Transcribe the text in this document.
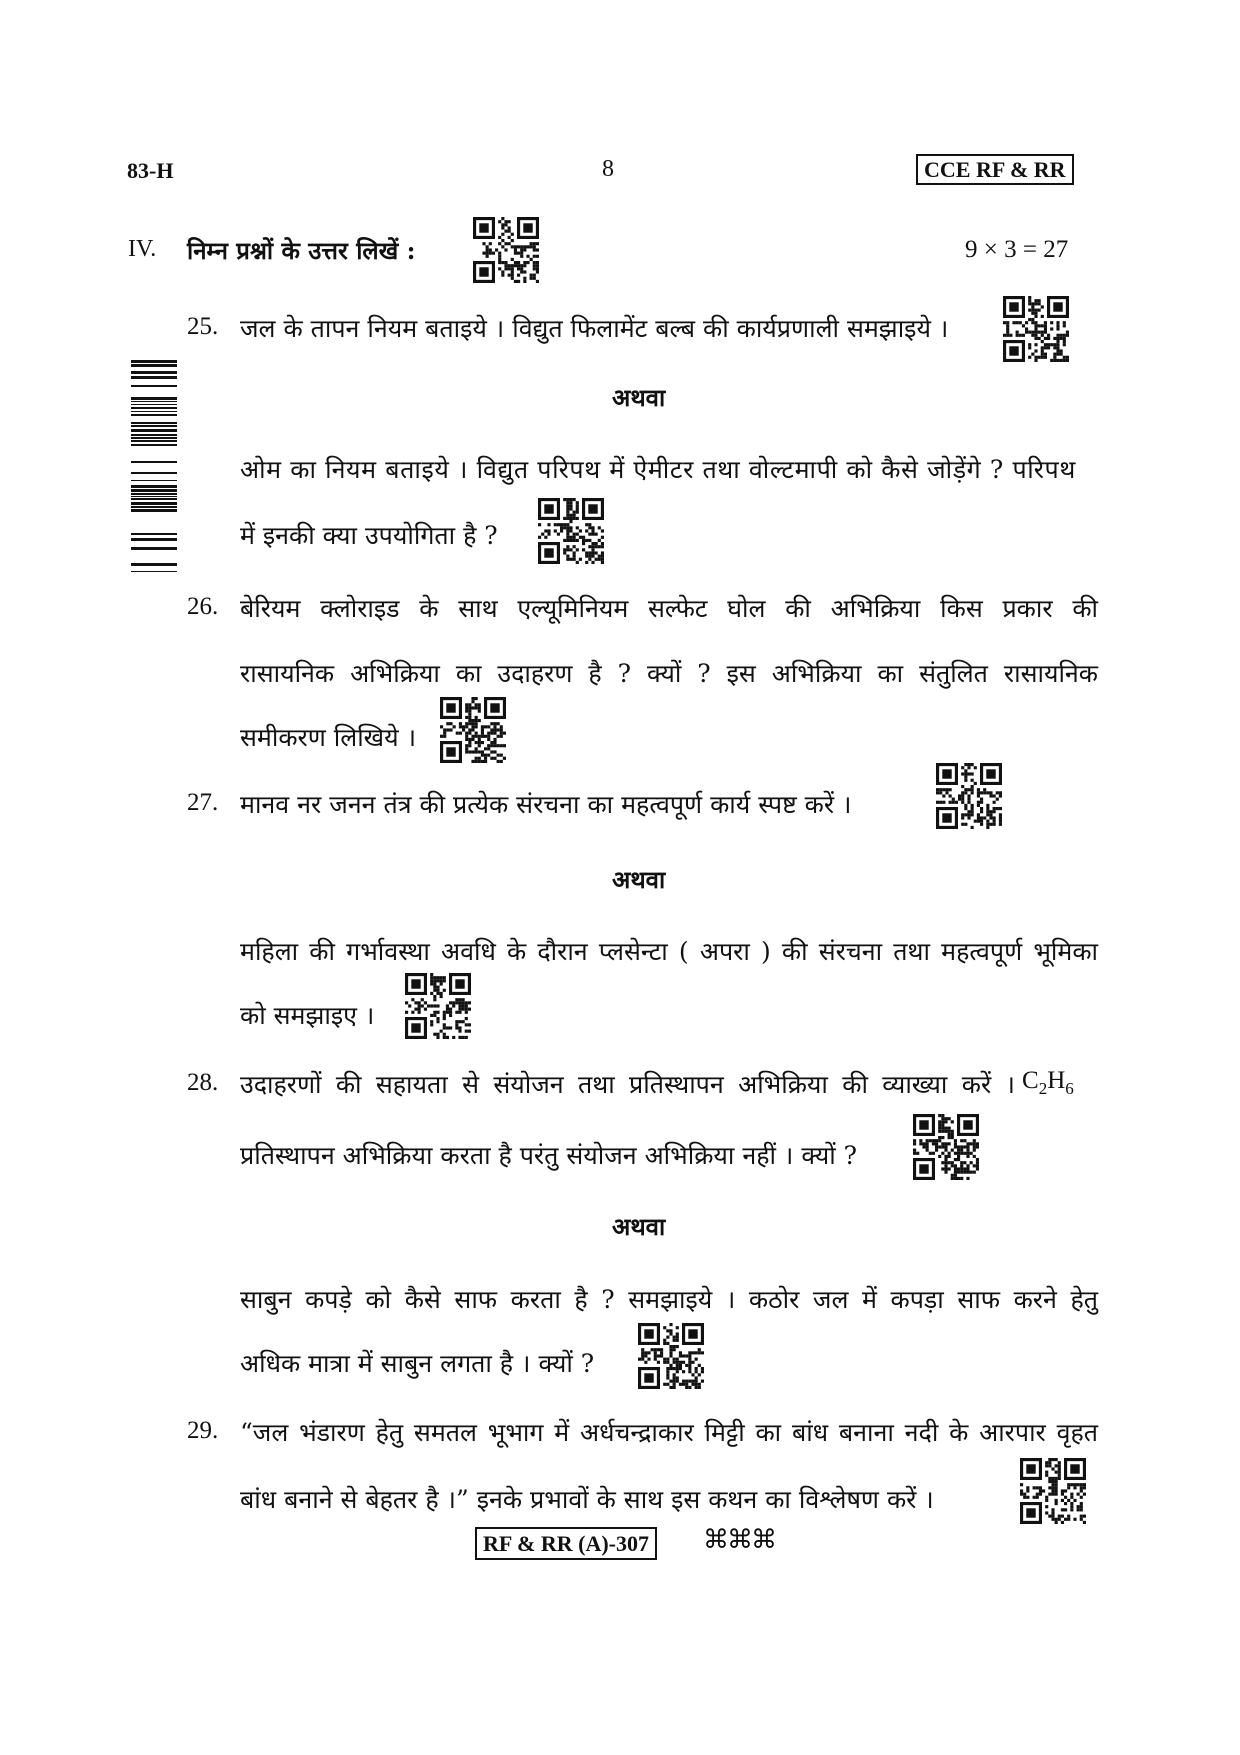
83-H	8	CCE RF & RR
IV. निम्न प्रश्नों के उत्तर लिखें :	9 × 3 = 27
25. जल के तापन नियम बताइये । विद्युत फिलामेंट बल्ब की कार्यप्रणाली समझाइये ।
अथवा
ओम का नियम बताइये । विद्युत परिपथ में ऐमीटर तथा वोल्टमापी को कैसे जोड़ेंगे ? परिपथ
में इनकी क्या उपयोगिता है ?
26. बेरियम क्लोराइड के साथ एल्यूमिनियम सल्फेट घोल की अभिक्रिया किस प्रकार की
रासायनिक अभिक्रिया का उदाहरण है ? क्यों ? इस अभिक्रिया का संतुलित रासायनिक
समीकरण लिखिये ।
27. मानव नर जनन तंत्र की प्रत्येक संरचना का महत्वपूर्ण कार्य स्पष्ट करें ।
अथवा
महिला की गर्भावस्था अवधि के दौरान प्लसेन्टा ( अपरा ) की संरचना तथा महत्वपूर्ण भूमिका
को समझाइए ।
28. उदाहरणों की सहायता से संयोजन तथा प्रतिस्थापन अभिक्रिया की व्याख्या करें । $C_2H_6$
प्रतिस्थापन अभिक्रिया करता है परंतु संयोजन अभिक्रिया नहीं । क्यों ?
अथवा
साबुन कपड़े को कैसे साफ करता है ? समझाइये । कठोर जल में कपड़ा साफ करने हेतु
अधिक मात्रा में साबुन लगता है । क्यों ?
29. “जल भंडारण हेतु समतल भूभाग में अर्धचन्द्राकार मिट्टी का बांध बनाना नदी के आरपार वृहत
बांध बनाने से बेहतर है ।” इनके प्रभावों के साथ इस कथन का विश्लेषण करें ।
RF & RR (A)-307	⌘⌘⌘
